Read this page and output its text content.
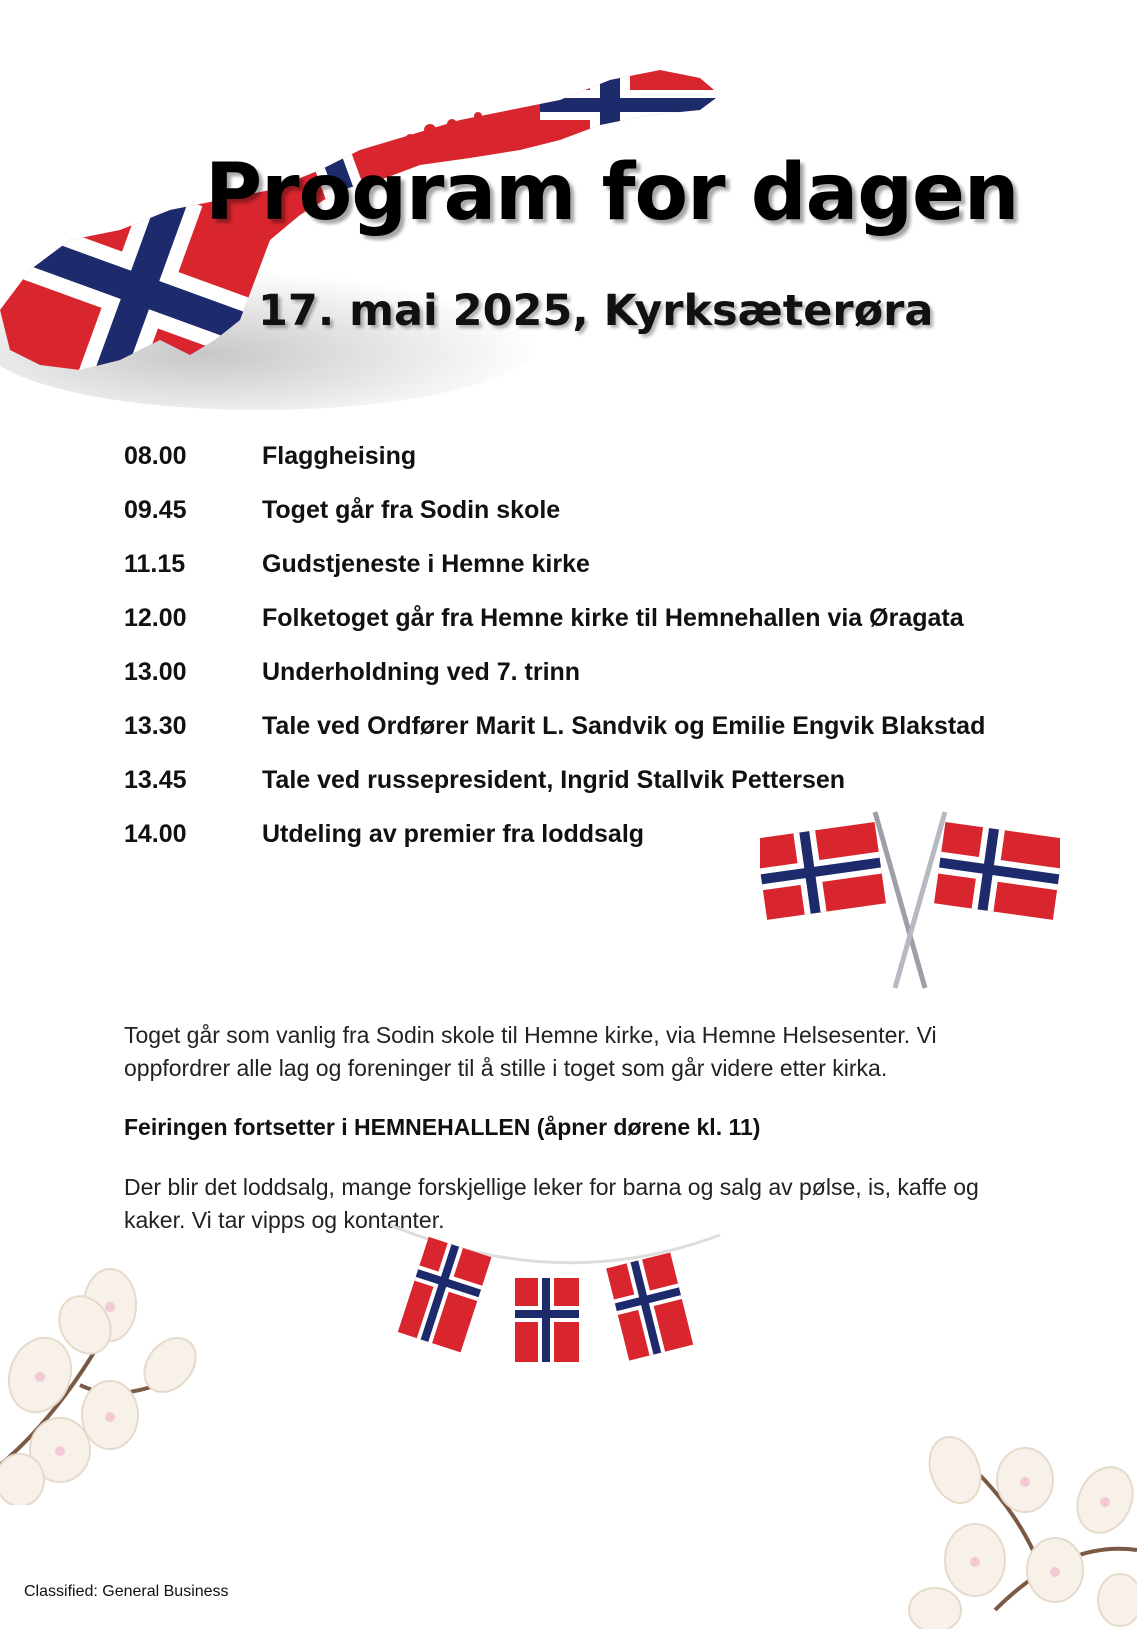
Program for dagen
17. mai 2025, Kyrksæterøra
08.00	Flaggheising
09.45	Toget går fra Sodin skole
11.15	Gudstjeneste i Hemne kirke
12.00	Folketoget går fra Hemne kirke til Hemnehallen via Øragata
13.00	Underholdning ved 7. trinn
13.30	Tale ved Ordfører Marit L. Sandvik og Emilie Engvik Blakstad
13.45	Tale ved russepresident, Ingrid Stallvik Pettersen
14.00	Utdeling av premier fra loddsalg

Toget går som vanlig fra Sodin skole til Hemne kirke, via Hemne Helsesenter. Vi oppfordrer alle lag og foreninger til å stille i toget som går videre etter kirka.

Feiringen fortsetter i HEMNEHALLEN (åpner dørene kl. 11)

Der blir det loddsalg, mange forskjellige leker for barna og salg av pølse, is, kaffe og kaker. Vi tar vipps og kontanter.

Classified: General Business
